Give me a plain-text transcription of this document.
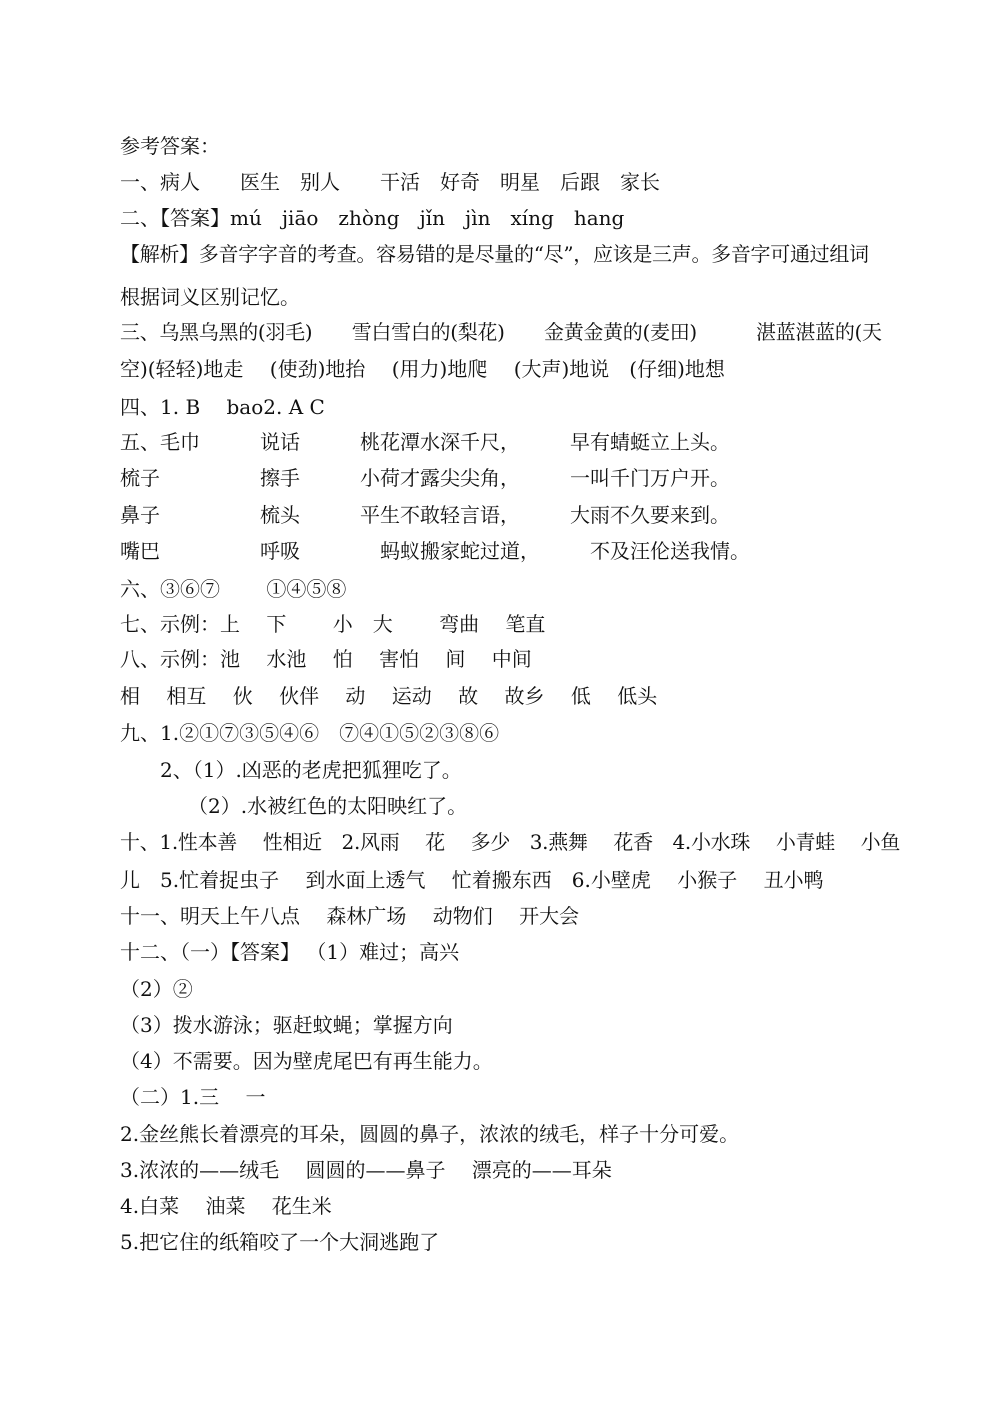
参考答案：
一、病人　　医生　别人　　干活　好奇　明星　后跟　家长
二、【答案】mú　jiāo　zhòng　jǐn　jìn　xíng　hang
【解析】多音字字音的考查。容易错的是尽量的“尽”，应该是三声。多音字可通过组词
根据词义区别记忆。
三、乌黑乌黑的(羽毛)　　雪白雪白的(梨花)　　金黄金黄的(麦田)　　　湛蓝湛蓝的(天
空)(轻轻)地走　 (使劲)地抬　 (用力)地爬　 (大声)地说　(仔细)地想
四、1. B　 bao2. A C
五、毛巾　　　说话　　　桃花潭水深千尺，　　　早有蜻蜓立上头。
梳子　　　　　擦手　　　小荷才露尖尖角，　　　一叫千门万户开。
鼻子　　　　　梳头　　　平生不敢轻言语，　　　大雨不久要来到。
嘴巴　　　　　呼吸　　　　蚂蚁搬家蛇过道，　　　不及汪伦送我情。
六、③⑥⑦　　 ①④⑤⑧
七、示例：上　 下　　 小　大　　 弯曲　 笔直
八、示例：池　 水池　 怕　 害怕　 间　 中间
相　 相互　 伙　 伙伴　 动　 运动　 故　 故乡　 低　 低头
九、1.②①⑦③⑤④⑥　⑦④①⑤②③⑧⑥
2、（1）.凶恶的老虎把狐狸吃了。
（2）.水被红色的太阳映红了。
十、1.性本善　 性相近　2.风雨　 花　 多少　3.燕舞　 花香　4.小水珠　 小青蛙　 小鱼
儿　5.忙着捉虫子　 到水面上透气　 忙着搬东西　6.小壁虎　 小猴子　 丑小鸭
十一、明天上午八点　 森林广场　 动物们　 开大会
十二、（一）【答案】 （1）难过；高兴
（2）②
（3）拨水游泳；驱赶蚊蝇；掌握方向
（4）不需要。因为壁虎尾巴有再生能力。
（二）1.三　 一
2.金丝熊长着漂亮的耳朵，圆圆的鼻子，浓浓的绒毛，样子十分可爱。
3.浓浓的——绒毛　 圆圆的——鼻子　 漂亮的——耳朵
4.白菜　 油菜　 花生米
5.把它住的纸箱咬了一个大洞逃跑了
